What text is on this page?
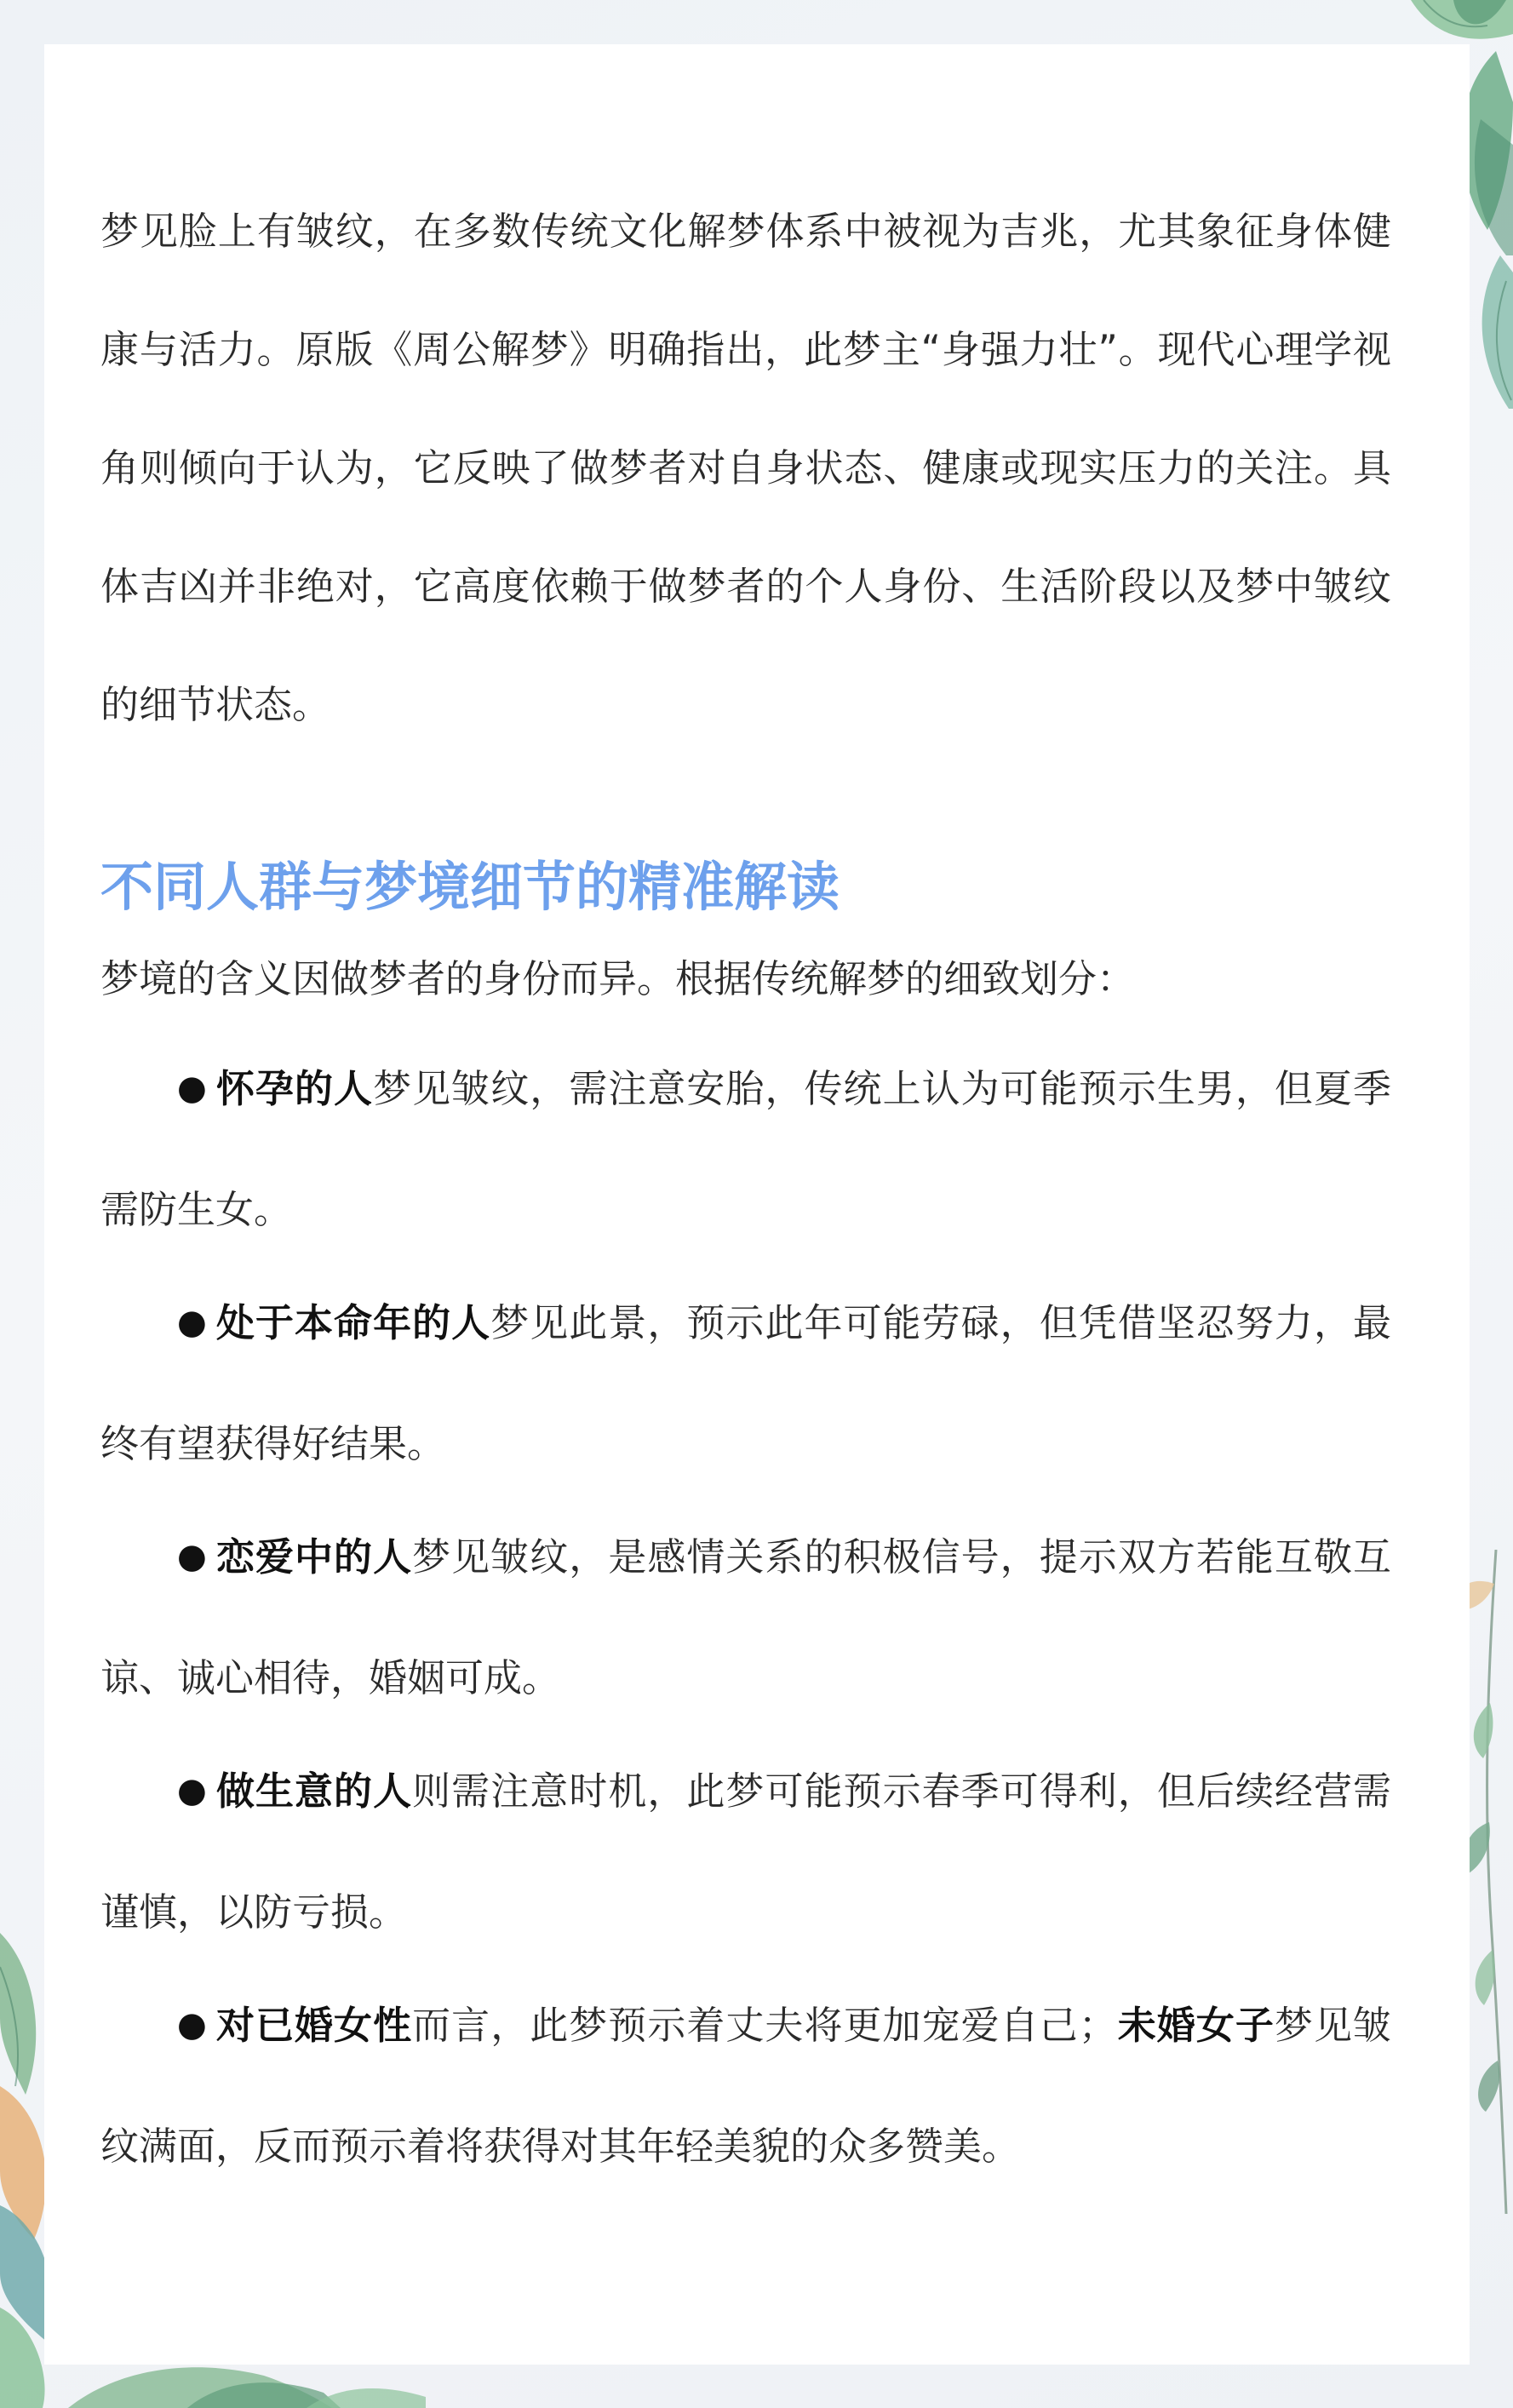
梦见脸上有皱纹，在多数传统文化解梦体系中被视为吉兆，尤其象征身体健康与活力。原版《周公解梦》明确指出，此梦主“身强力壮”。现代心理学视角则倾向于认为，它反映了做梦者对自身状态、健康或现实压力的关注。具体吉凶并非绝对，它高度依赖于做梦者的个人身份、生活阶段以及梦中皱纹的细节状态。

不同人群与梦境细节的精准解读

梦境的含义因做梦者的身份而异。根据传统解梦的细致划分：

● 怀孕的人梦见皱纹，需注意安胎，传统上认为可能预示生男，但夏季需防生女。
● 处于本命年的人梦见此景，预示此年可能劳碌，但凭借坚忍努力，最终有望获得好结果。
● 恋爱中的人梦见皱纹，是感情关系的积极信号，提示双方若能互敬互谅、诚心相待，婚姻可成。
● 做生意的人则需注意时机，此梦可能预示春季可得利，但后续经营需谨慎，以防亏损。
● 对已婚女性而言，此梦预示着丈夫将更加宠爱自己；未婚女子梦见皱纹满面，反而预示着将获得对其年轻美貌的众多赞美。
